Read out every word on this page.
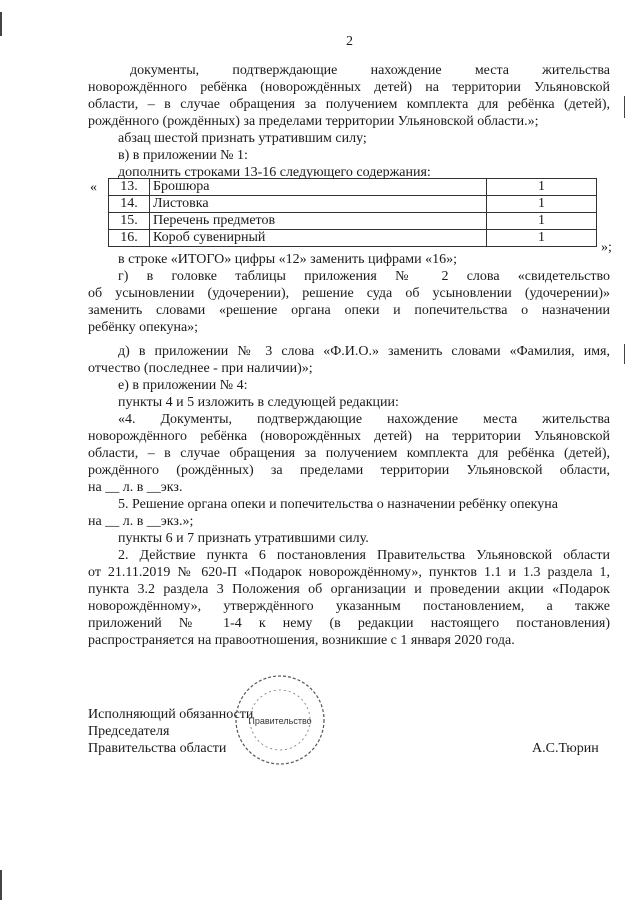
2
документы, подтверждающие нахождение места жительства
новорождённого ребёнка (новорождённых детей) на территории Ульяновской
области, – в случае обращения за получением комплекта для ребёнка (детей),
рождённого (рождённых) за пределами территории Ульяновской области.»;
абзац шестой признать утратившим силу;
в) в приложении № 1:
дополнить строками 13-16 следующего содержания:
« 13.	Брошюра	1
14.	Листовка	1
15.	Перечень предметов	1
16.	Короб сувенирный	1
»;
в строке «ИТОГО» цифры «12» заменить цифрами «16»;
г) в головке таблицы приложения № 2 слова «свидетельство
об усыновлении (удочерении), решение суда об усыновлении (удочерении)»
заменить словами «решение органа опеки и попечительства о назначении
ребёнку опекуна»;
д) в приложении № 3 слова «Ф.И.О.» заменить словами «Фамилия, имя,
отчество (последнее - при наличии)»;
е) в приложении № 4:
пункты 4 и 5 изложить в следующей редакции:
«4. Документы, подтверждающие нахождение места жительства
новорождённого ребёнка (новорождённых детей) на территории Ульяновской
области, – в случае обращения за получением комплекта для ребёнка (детей),
рождённого (рождённых) за пределами территории Ульяновской области,
на __ л. в __экз.
5. Решение органа опеки и попечительства о назначении ребёнку опекуна
на __ л. в __экз.»;
пункты 6 и 7 признать утратившими силу.
2. Действие пункта 6 постановления Правительства Ульяновской области
от 21.11.2019 № 620-П «Подарок новорождённому», пунктов 1.1 и 1.3 раздела 1,
пункта 3.2 раздела 3 Положения об организации и проведении акции «Подарок
новорождённому», утверждённого указанным постановлением, а также
приложений № 1-4 к нему (в редакции настоящего постановления)
распространяется на правоотношения, возникшие с 1 января 2020 года.
Исполняющий обязанности
Председателя
Правительства области	А.С.Тюрин
Правительство
